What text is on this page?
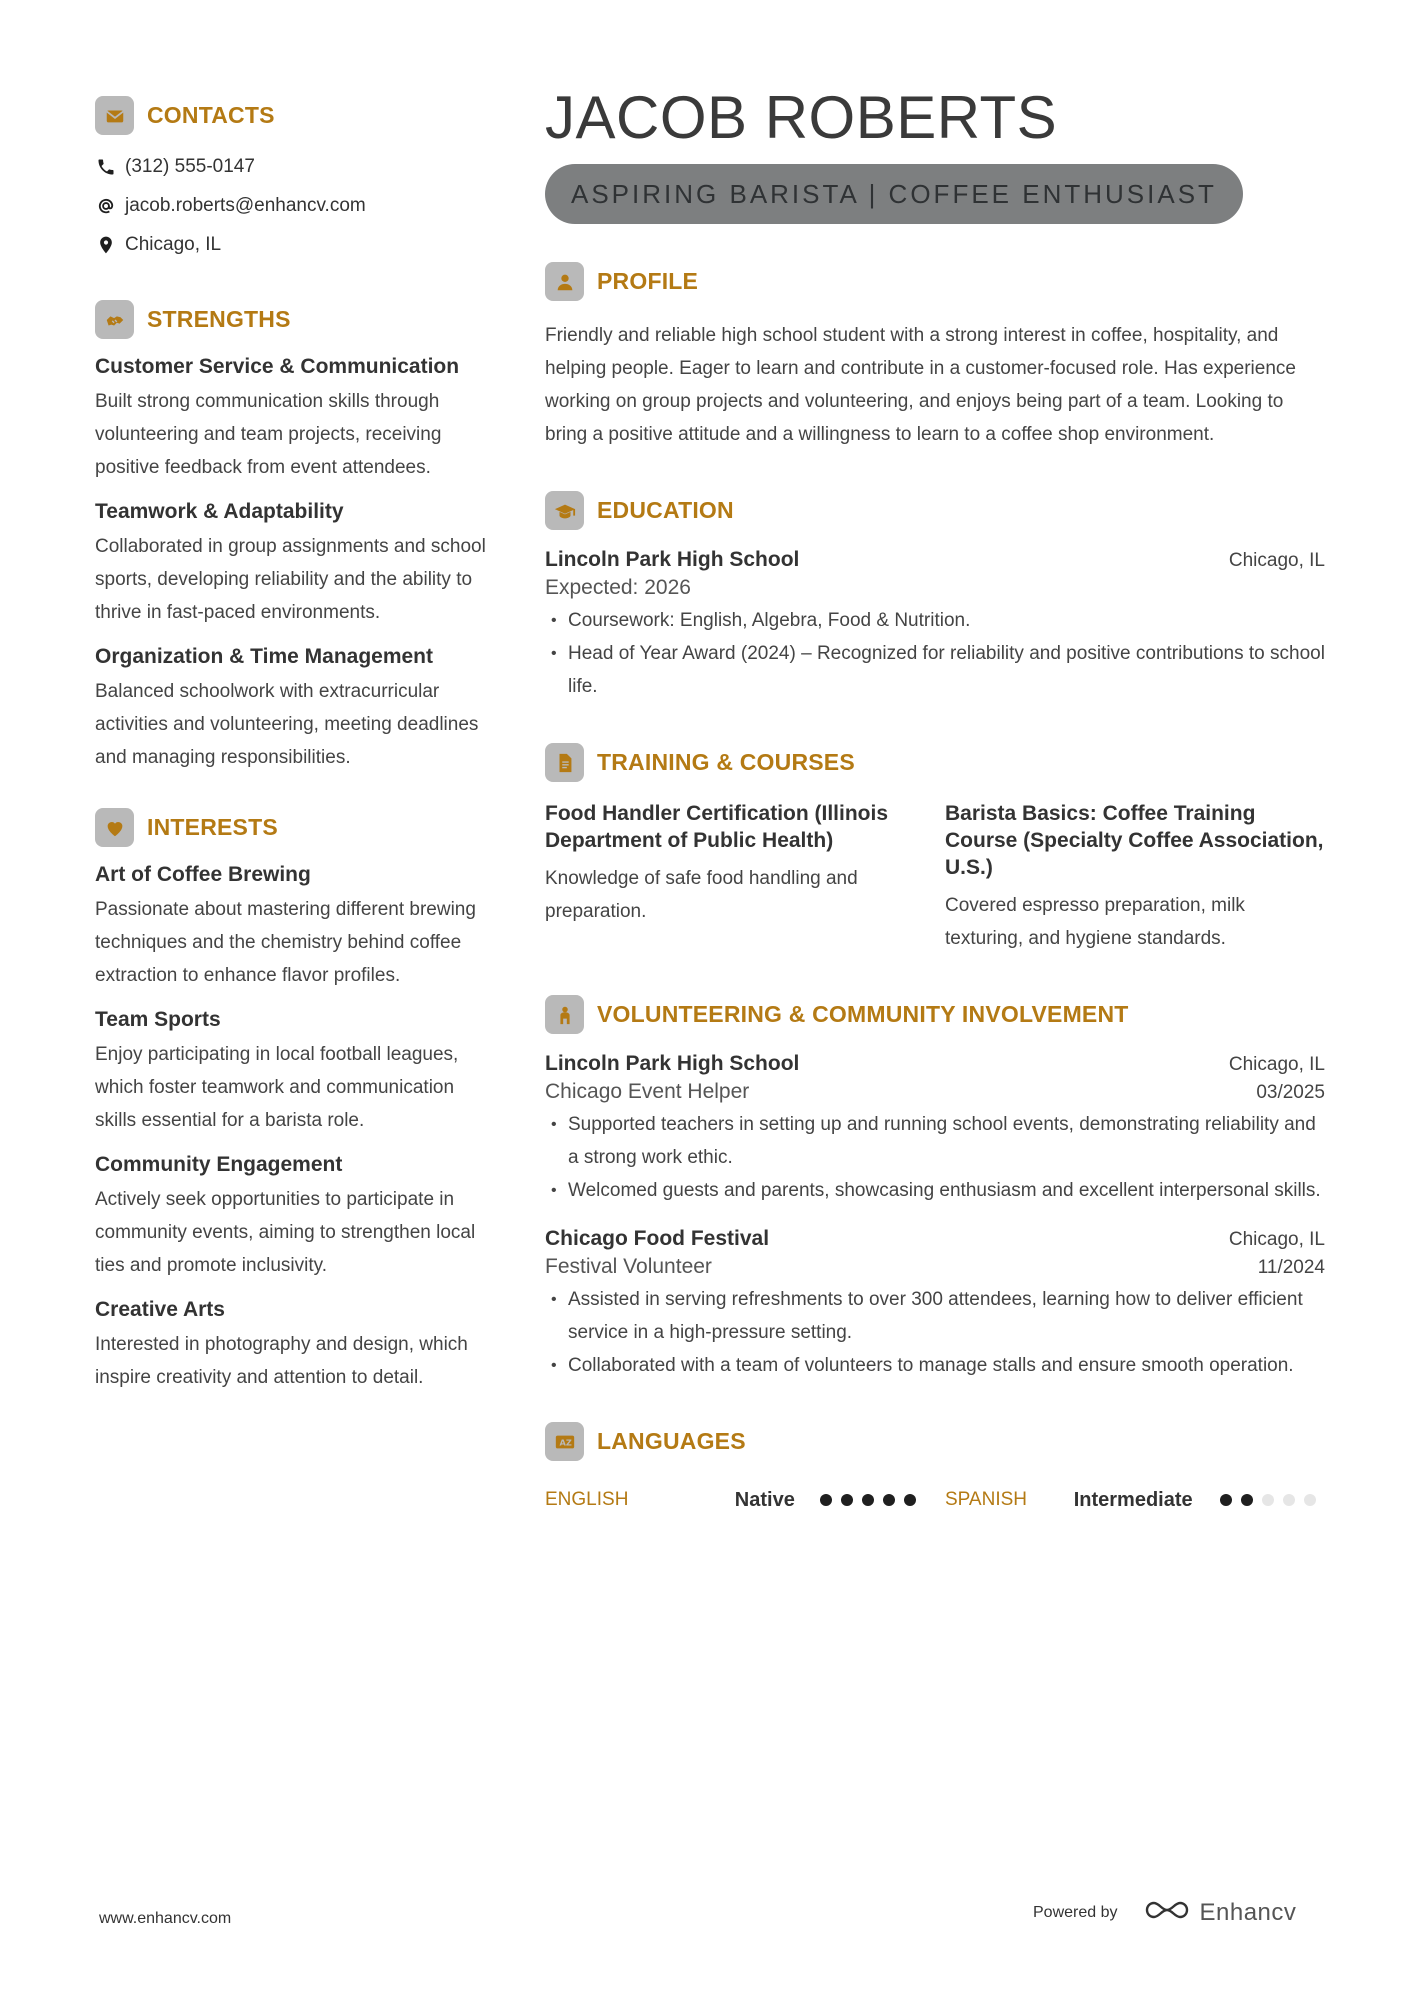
CONTACTS
(312) 555-0147
jacob.roberts@enhancv.com
Chicago, IL
STRENGTHS
Customer Service & Communication
Built strong communication skills through volunteering and team projects, receiving positive feedback from event attendees.
Teamwork & Adaptability
Collaborated in group assignments and school sports, developing reliability and the ability to thrive in fast-paced environments.
Organization & Time Management
Balanced schoolwork with extracurricular activities and volunteering, meeting deadlines and managing responsibilities.
INTERESTS
Art of Coffee Brewing
Passionate about mastering different brewing techniques and the chemistry behind coffee extraction to enhance flavor profiles.
Team Sports
Enjoy participating in local football leagues, which foster teamwork and communication skills essential for a barista role.
Community Engagement
Actively seek opportunities to participate in community events, aiming to strengthen local ties and promote inclusivity.
Creative Arts
Interested in photography and design, which inspire creativity and attention to detail.
JACOB ROBERTS
ASPIRING BARISTA | COFFEE ENTHUSIAST
PROFILE
Friendly and reliable high school student with a strong interest in coffee, hospitality, and helping people. Eager to learn and contribute in a customer-focused role. Has experience working on group projects and volunteering, and enjoys being part of a team. Looking to bring a positive attitude and a willingness to learn to a coffee shop environment.
EDUCATION
Lincoln Park High School	Chicago, IL
Expected: 2026
• Coursework: English, Algebra, Food & Nutrition.
• Head of Year Award (2024) – Recognized for reliability and positive contributions to school life.
TRAINING & COURSES
Food Handler Certification (Illinois Department of Public Health)
Knowledge of safe food handling and preparation.
Barista Basics: Coffee Training Course (Specialty Coffee Association, U.S.)
Covered espresso preparation, milk texturing, and hygiene standards.
VOLUNTEERING & COMMUNITY INVOLVEMENT
Lincoln Park High School	Chicago, IL
Chicago Event Helper	03/2025
• Supported teachers in setting up and running school events, demonstrating reliability and a strong work ethic.
• Welcomed guests and parents, showcasing enthusiasm and excellent interpersonal skills.
Chicago Food Festival	Chicago, IL
Festival Volunteer	11/2024
• Assisted in serving refreshments to over 300 attendees, learning how to deliver efficient service in a high-pressure setting.
• Collaborated with a team of volunteers to manage stalls and ensure smooth operation.
A Z LANGUAGES
ENGLISH	Native	SPANISH	Intermediate
www.enhancv.com	Powered by	Enhancv
